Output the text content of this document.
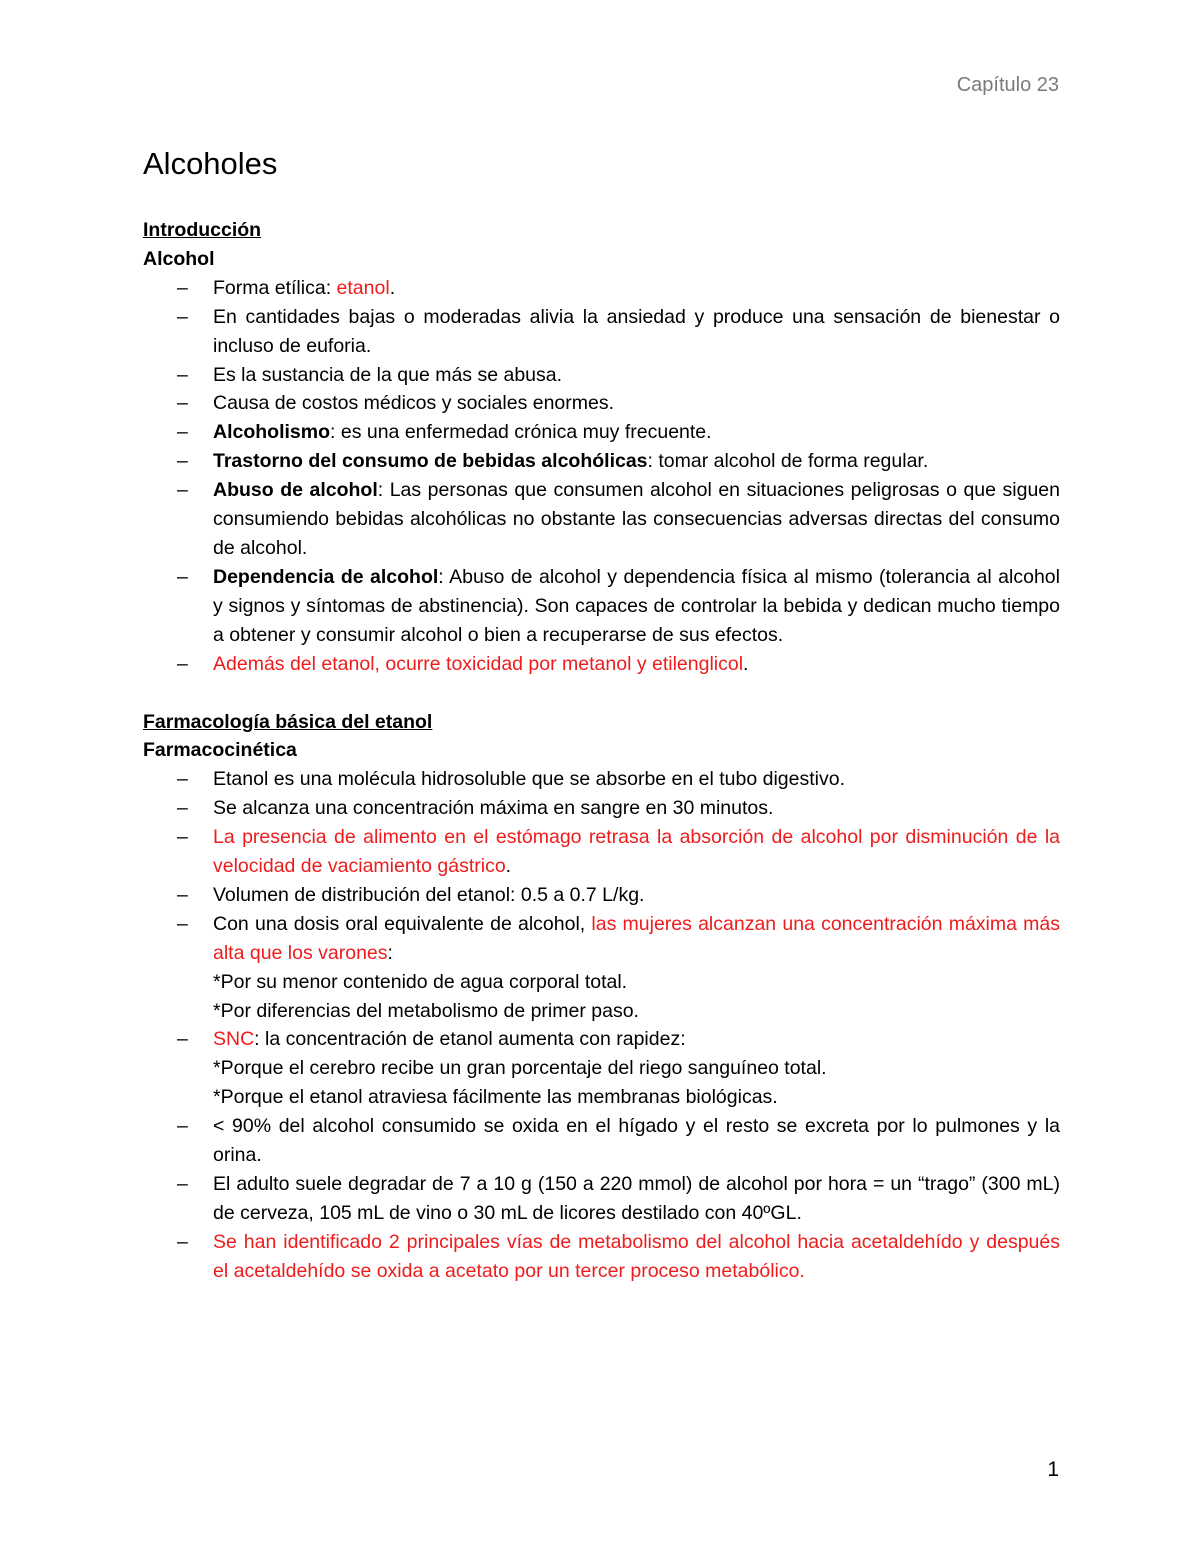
Capítulo 23
Alcoholes
Introducción
Alcohol
– Forma etílica: etanol.
– En cantidades bajas o moderadas alivia la ansiedad y produce una sensación de bienestar o incluso de euforia.
– Es la sustancia de la que más se abusa.
– Causa de costos médicos y sociales enormes.
– Alcoholismo: es una enfermedad crónica muy frecuente.
– Trastorno del consumo de bebidas alcohólicas: tomar alcohol de forma regular.
– Abuso de alcohol: Las personas que consumen alcohol en situaciones peligrosas o que siguen consumiendo bebidas alcohólicas no obstante las consecuencias adversas directas del consumo de alcohol.
– Dependencia de alcohol: Abuso de alcohol y dependencia física al mismo (tolerancia al alcohol y signos y síntomas de abstinencia). Son capaces de controlar la bebida y dedican mucho tiempo a obtener y consumir alcohol o bien a recuperarse de sus efectos.
– Además del etanol, ocurre toxicidad por metanol y etilenglicol.
Farmacología básica del etanol
Farmacocinética
– Etanol es una molécula hidrosoluble que se absorbe en el tubo digestivo.
– Se alcanza una concentración máxima en sangre en 30 minutos.
– La presencia de alimento en el estómago retrasa la absorción de alcohol por disminución de la velocidad de vaciamiento gástrico.
– Volumen de distribución del etanol: 0.5 a 0.7 L/kg.
– Con una dosis oral equivalente de alcohol, las mujeres alcanzan una concentración máxima más alta que los varones:
*Por su menor contenido de agua corporal total.
*Por diferencias del metabolismo de primer paso.
– SNC: la concentración de etanol aumenta con rapidez:
*Porque el cerebro recibe un gran porcentaje del riego sanguíneo total.
*Porque el etanol atraviesa fácilmente las membranas biológicas.
– < 90% del alcohol consumido se oxida en el hígado y el resto se excreta por lo pulmones y la orina.
– El adulto suele degradar de 7 a 10 g (150 a 220 mmol) de alcohol por hora = un “trago” (300 mL) de cerveza, 105 mL de vino o 30 mL de licores destilado con 40ºGL.
– Se han identificado 2 principales vías de metabolismo del alcohol hacia acetaldehído y después el acetaldehído se oxida a acetato por un tercer proceso metabólico.
1
